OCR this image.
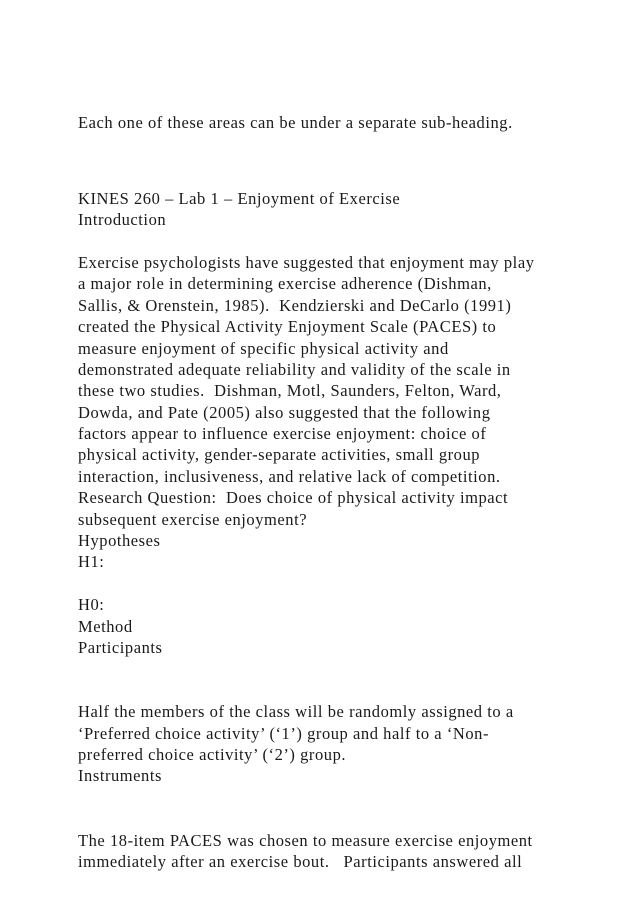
Each one of these areas can be under a separate sub-heading.
KINES 260 – Lab 1 – Enjoyment of Exercise
Introduction
Exercise psychologists have suggested that enjoyment may play
a major role in determining exercise adherence (Dishman,
Sallis, & Orenstein, 1985).  Kendzierski and DeCarlo (1991)
created the Physical Activity Enjoyment Scale (PACES) to
measure enjoyment of specific physical activity and
demonstrated adequate reliability and validity of the scale in
these two studies.  Dishman, Motl, Saunders, Felton, Ward,
Dowda, and Pate (2005) also suggested that the following
factors appear to influence exercise enjoyment: choice of
physical activity, gender-separate activities, small group
interaction, inclusiveness, and relative lack of competition.
Research Question:  Does choice of physical activity impact
subsequent exercise enjoyment?
Hypotheses
H1:
H0:
Method
Participants
Half the members of the class will be randomly assigned to a
‘Preferred choice activity’ (‘1’) group and half to a ‘Non-
preferred choice activity’ (‘2’) group.
Instruments
The 18-item PACES was chosen to measure exercise enjoyment
immediately after an exercise bout.   Participants answered all
